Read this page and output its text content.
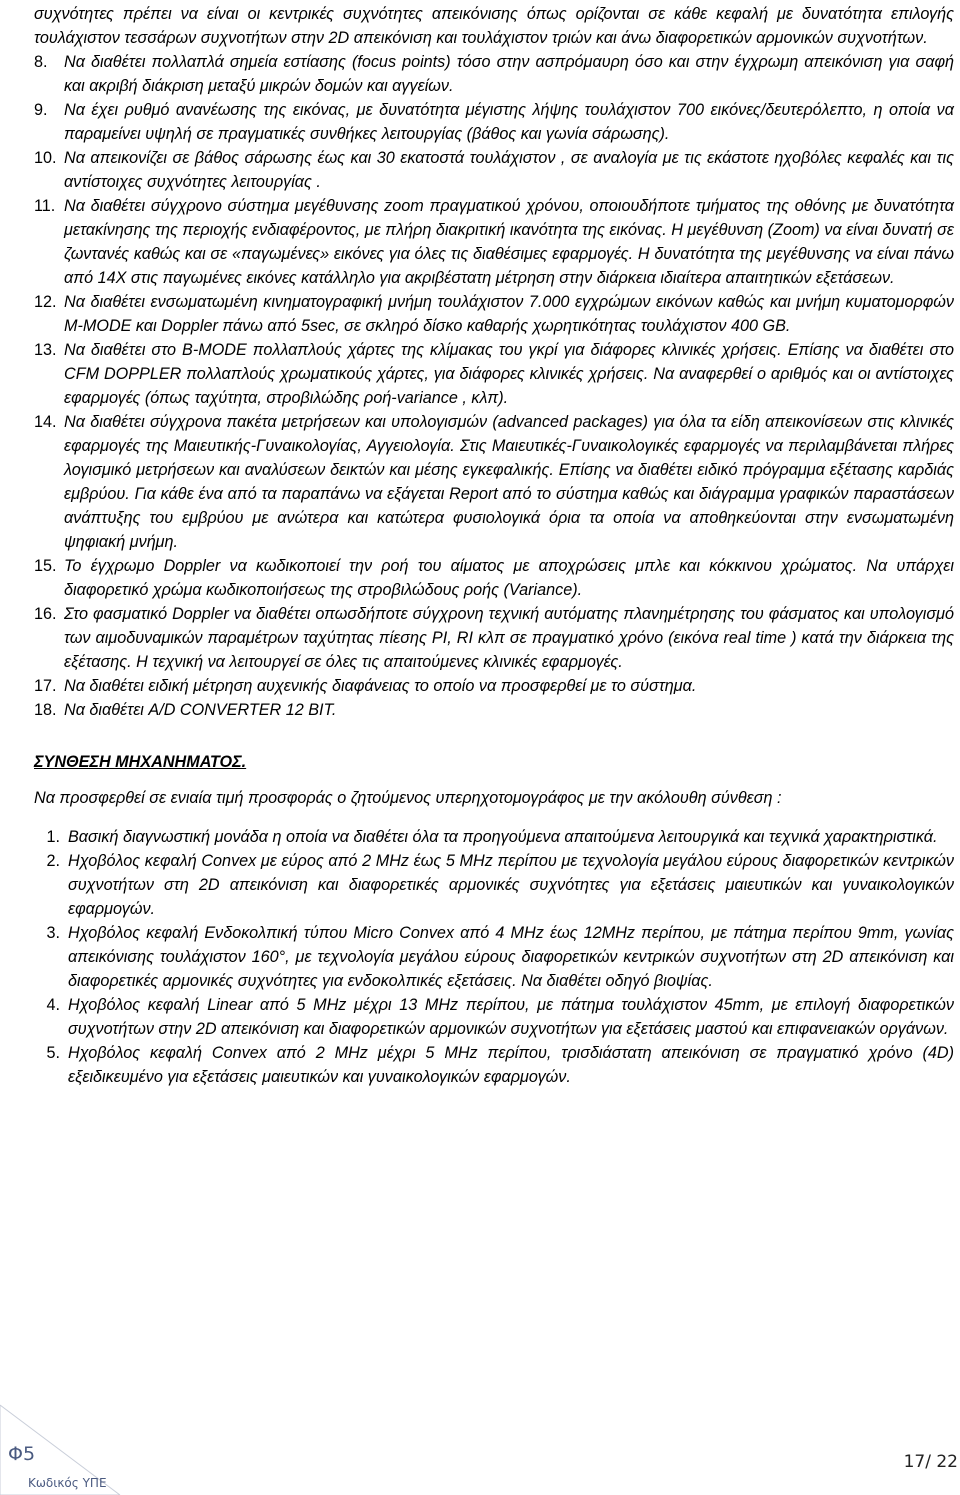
συχνότητες πρέπει να είναι οι κεντρικές συχνότητες απεικόνισης όπως ορίζονται σε κάθε κεφαλή με δυνατότητα επιλογής τουλάχιστον τεσσάρων συχνοτήτων στην 2D απεικόνιση και τουλάχιστον τριών και άνω διαφορετικών αρμονικών συχνοτήτων.

8.	Να διαθέτει πολλαπλά σημεία εστίασης (focus points) τόσο στην ασπρόμαυρη όσο και στην έγχρωμη απεικόνιση για σαφή και ακριβή διάκριση μεταξύ μικρών δομών και αγγείων.
9.	Να έχει ρυθμό ανανέωσης της εικόνας, με δυνατότητα μέγιστης λήψης τουλάχιστον 700 εικόνες/δευτερόλεπτο, η οποία να παραμείνει υψηλή σε πραγματικές συνθήκες λειτουργίας (βάθος και γωνία σάρωσης).
10. Να απεικονίζει σε βάθος σάρωσης έως και 30 εκατοστά τουλάχιστον , σε αναλογία με τις εκάστοτε ηχοβόλες κεφαλές και τις αντίστοιχες συχνότητες λειτουργίας .
11. Να διαθέτει σύγχρονο σύστημα μεγέθυνσης zoom πραγματικού χρόνου, οποιουδήποτε τμήματος της οθόνης με δυνατότητα μετακίνησης της περιοχής ενδιαφέροντος, με πλήρη διακριτική ικανότητα της εικόνας. Η μεγέθυνση (Zoom) να είναι δυνατή σε ζωντανές καθώς και σε «παγωμένες» εικόνες για όλες τις διαθέσιμες εφαρμογές. Η δυνατότητα της μεγέθυνσης να είναι πάνω από 14X στις παγωμένες εικόνες κατάλληλο για ακριβέστατη μέτρηση στην διάρκεια ιδιαίτερα απαιτητικών εξετάσεων.
12. Να διαθέτει ενσωματωμένη κινηματογραφική μνήμη τουλάχιστον 7.000 εγχρώμων εικόνων καθώς και μνήμη κυματομορφών M-MODE και Doppler πάνω από 5sec, σε σκληρό δίσκο καθαρής χωρητικότητας τουλάχιστον 400 GB.
13. Να διαθέτει στο B-MODE πολλαπλούς χάρτες της κλίμακας του γκρί για διάφορες κλινικές χρήσεις. Επίσης να διαθέτει στο CFM DOPPLER πολλαπλούς χρωματικούς χάρτες, για διάφορες κλινικές χρήσεις. Να αναφερθεί ο αριθμός και οι αντίστοιχες εφαρμογές (όπως ταχύτητα, στροβιλώδης ροή-variance , κλπ).
14. Να διαθέτει σύγχρονα πακέτα μετρήσεων και υπολογισμών (advanced packages) για όλα τα είδη απεικονίσεων στις κλινικές εφαρμογές της Μαιευτικής-Γυναικολογίας, Αγγειολογία. Στις Μαιευτικές-Γυναικολογικές εφαρμογές να περιλαμβάνεται πλήρες λογισμικό μετρήσεων και αναλύσεων δεικτών και μέσης εγκεφαλικής. Επίσης να διαθέτει ειδικό πρόγραμμα εξέτασης καρδιάς εμβρύου. Για κάθε ένα από τα παραπάνω να εξάγεται Report από το σύστημα καθώς και διάγραμμα γραφικών παραστάσεων ανάπτυξης του εμβρύου με ανώτερα και κατώτερα φυσιολογικά όρια τα οποία να αποθηκεύονται στην ενσωματωμένη ψηφιακή μνήμη.
15. Το έγχρωμο Doppler να κωδικοποιεί την ροή του αίματος με αποχρώσεις μπλε και κόκκινου χρώματος. Να υπάρχει διαφορετικό χρώμα κωδικοποιήσεως της στροβιλώδους ροής (Variance).
16. Στο φασματικό Doppler να διαθέτει οπωσδήποτε σύγχρονη τεχνική αυτόματης πλανημέτρησης του φάσματος και υπολογισμό των αιμοδυναμικών παραμέτρων ταχύτητας πίεσης PI, RI κλπ σε πραγματικό χρόνο (εικόνα real time ) κατά την διάρκεια της εξέτασης. Η τεχνική να λειτουργεί σε όλες τις απαιτούμενες κλινικές εφαρμογές.
17. Να διαθέτει ειδική μέτρηση αυχενικής διαφάνειας το οποίο να προσφερθεί με το σύστημα.
18. Να διαθέτει A/D CONVERTER 12 BIT.
ΣΥΝΘΕΣΗ ΜΗΧΑΝΗΜΑΤΟΣ.

Να προσφερθεί σε ενιαία τιμή προσφοράς ο ζητούμενος υπερηχοτομογράφος με την ακόλουθη σύνθεση :

1. Βασική διαγνωστική μονάδα η οποία να διαθέτει όλα τα προηγούμενα απαιτούμενα λειτουργικά και τεχνικά χαρακτηριστικά.
2. Ηχοβόλος κεφαλή Convex με εύρος από 2 MHz έως 5 MHz περίπου με τεχνολογία μεγάλου εύρους διαφορετικών κεντρικών συχνοτήτων στη 2D απεικόνιση και διαφορετικές αρμονικές συχνότητες για εξετάσεις μαιευτικών και γυναικολογικών εφαρμογών.
3. Ηχοβόλος κεφαλή Ενδοκολπική τύπου Micro Convex από 4 MHz έως 12MHz περίπου, με πάτημα περίπου 9mm, γωνίας απεικόνισης τουλάχιστον 160°, με τεχνολογία μεγάλου εύρους διαφορετικών κεντρικών συχνοτήτων στη 2D απεικόνιση και διαφορετικές αρμονικές συχνότητες για ενδοκολπικές εξετάσεις. Να διαθέτει οδηγό βιοψίας.
4. Ηχοβόλος κεφαλή Linear από 5 MHz μέχρι 13 MHz περίπου, με πάτημα τουλάχιστον 45mm, με επιλογή διαφορετικών συχνοτήτων στην 2D απεικόνιση και διαφορετικών αρμονικών συχνοτήτων για εξετάσεις μαστού και επιφανειακών οργάνων.
5. Ηχοβόλος κεφαλή Convex από 2 MHz μέχρι 5 MHz περίπου, τρισδιάστατη απεικόνιση σε πραγματικό χρόνο (4D) εξειδικευμένο για εξετάσεις μαιευτικών και γυναικολογικών εφαρμογών.
Φ5
Κωδικός ΥΠΕ
17/ 22
